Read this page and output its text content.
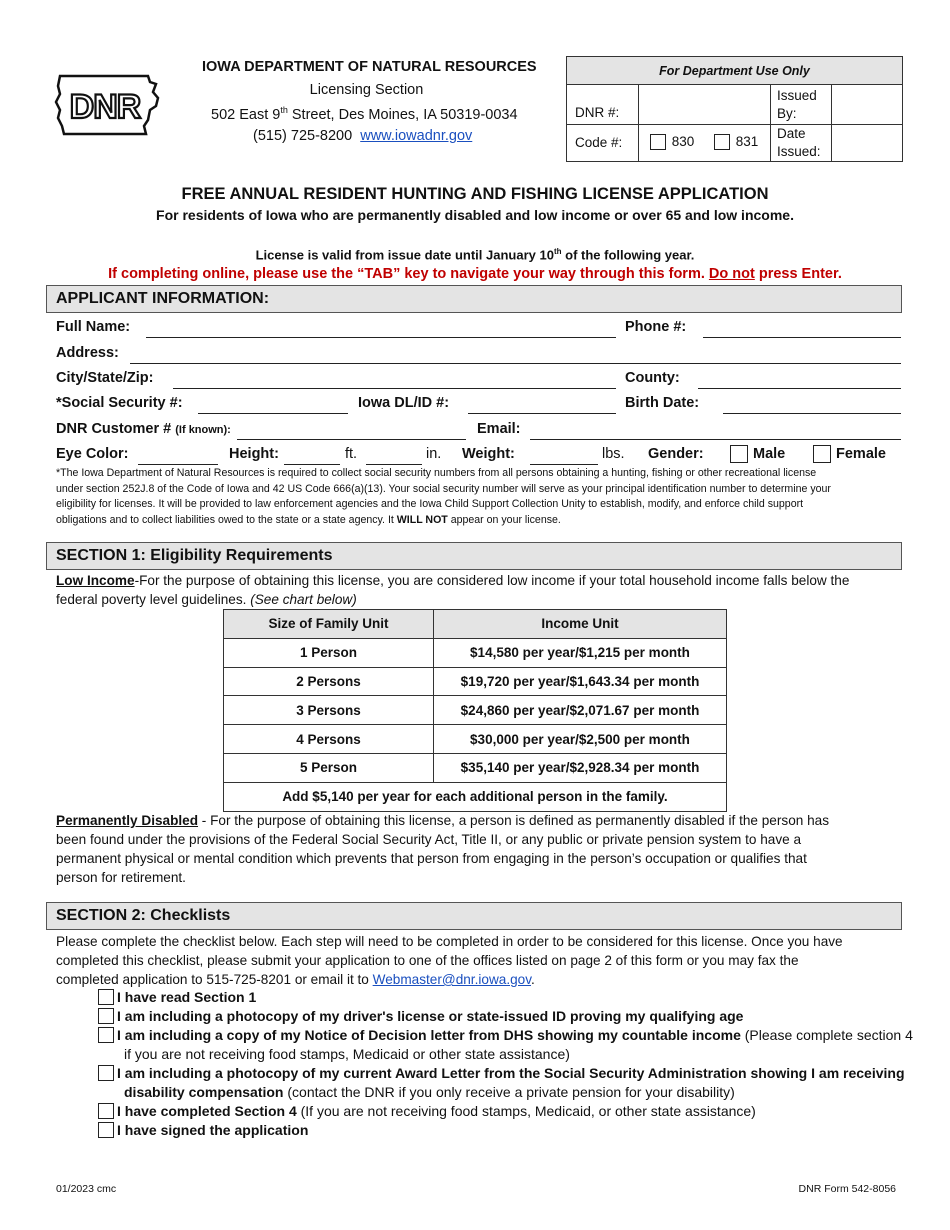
DNR
IOWA DEPARTMENT OF NATURAL RESOURCES
Licensing Section
502 East 9th Street, Des Moines, IA 50319-0034
(515) 725-8200 www.iowadnr.gov
For Department Use Only
DNR #:
Issued By:
Code #:	830	831
Date Issued:
FREE ANNUAL RESIDENT HUNTING AND FISHING LICENSE APPLICATION
For residents of Iowa who are permanently disabled and low income or over 65 and low income.
License is valid from issue date until January 10th of the following year.
If completing online, please use the “TAB” key to navigate your way through this form. Do not press Enter.
APPLICANT INFORMATION:
Full Name:	Phone #:
Address:
City/State/Zip:	County:
*Social Security #:	Iowa DL/ID #:	Birth Date:
DNR Customer # (If known):	Email:
Eye Color:	Height:	ft.	in. Weight:	lbs. Gender:	Male	Female
*The Iowa Department of Natural Resources is required to collect social security numbers from all persons obtaining a hunting, fishing or other recreational license
under section 252J.8 of the Code of Iowa and 42 US Code 666(a)(13). Your social security number will serve as your principal identification number to determine your
eligibility for licenses. It will be provided to law enforcement agencies and the Iowa Child Support Collection Unity to establish, modify, and enforce child support
obligations and to collect liabilities owed to the state or a state agency. It WILL NOT appear on your license.
SECTION 1: Eligibility Requirements
Low Income-For the purpose of obtaining this license, you are considered low income if your total household income falls below the
federal poverty level guidelines. (See chart below)
Size of Family Unit	Income Unit
1 Person	$14,580 per year/$1,215 per month
2 Persons	$19,720 per year/$1,643.34 per month
3 Persons	$24,860 per year/$2,071.67 per month
4 Persons	$30,000 per year/$2,500 per month
5 Person	$35,140 per year/$2,928.34 per month
Add $5,140 per year for each additional person in the family.	
Permanently Disabled - For the purpose of obtaining this license, a person is defined as permanently disabled if the person has
been found under the provisions of the Federal Social Security Act, Title II, or any public or private pension system to have a
permanent physical or mental condition which prevents that person from engaging in the person’s occupation or qualifies that
person for retirement.
SECTION 2: Checklists
Please complete the checklist below. Each step will need to be completed in order to be considered for this license. Once you have
completed this checklist, please submit your application to one of the offices listed on page 2 of this form or you may fax the
completed application to 515-725-8201 or email it to Webmaster@dnr.iowa.gov.
I have read Section 1
I am including a photocopy of my driver's license or state-issued ID proving my qualifying age
I am including a copy of my Notice of Decision letter from DHS showing my countable income (Please complete section 4
if you are not receiving food stamps, Medicaid or other state assistance)
I am including a photocopy of my current Award Letter from the Social Security Administration showing I am receiving
disability compensation (contact the DNR if you only receive a private pension for your disability)
I have completed Section 4 (If you are not receiving food stamps, Medicaid, or other state assistance)
I have signed the application
01/2023 cmc	DNR Form 542-8056
